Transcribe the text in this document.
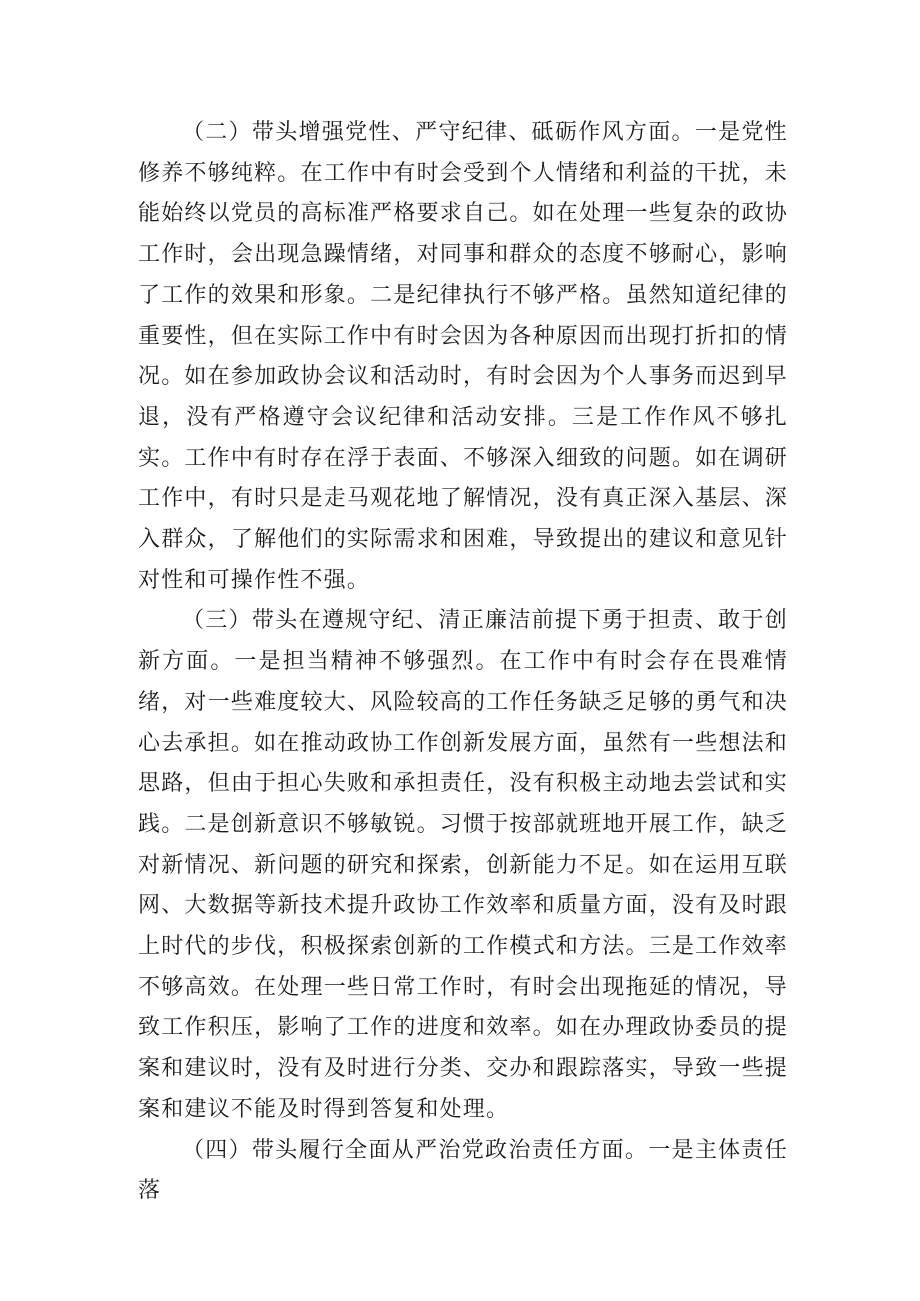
（二）带头增强党性、严守纪律、砥砺作风方面。一是党性修养不够纯粹。在工作中有时会受到个人情绪和利益的干扰，未能始终以党员的高标准严格要求自己。如在处理一些复杂的政协工作时，会出现急躁情绪，对同事和群众的态度不够耐心，影响了工作的效果和形象。二是纪律执行不够严格。虽然知道纪律的重要性，但在实际工作中有时会因为各种原因而出现打折扣的情况。如在参加政协会议和活动时，有时会因为个人事务而迟到早退，没有严格遵守会议纪律和活动安排。三是工作作风不够扎实。工作中有时存在浮于表面、不够深入细致的问题。如在调研工作中，有时只是走马观花地了解情况，没有真正深入基层、深入群众，了解他们的实际需求和困难，导致提出的建议和意见针对性和可操作性不强。

（三）带头在遵规守纪、清正廉洁前提下勇于担责、敢于创新方面。一是担当精神不够强烈。在工作中有时会存在畏难情绪，对一些难度较大、风险较高的工作任务缺乏足够的勇气和决心去承担。如在推动政协工作创新发展方面，虽然有一些想法和思路，但由于担心失败和承担责任，没有积极主动地去尝试和实践。二是创新意识不够敏锐。习惯于按部就班地开展工作，缺乏对新情况、新问题的研究和探索，创新能力不足。如在运用互联网、大数据等新技术提升政协工作效率和质量方面，没有及时跟上时代的步伐，积极探索创新的工作模式和方法。三是工作效率不够高效。在处理一些日常工作时，有时会出现拖延的情况，导致工作积压，影响了工作的进度和效率。如在办理政协委员的提案和建议时，没有及时进行分类、交办和跟踪落实，导致一些提案和建议不能及时得到答复和处理。

（四）带头履行全面从严治党政治责任方面。一是主体责任落
